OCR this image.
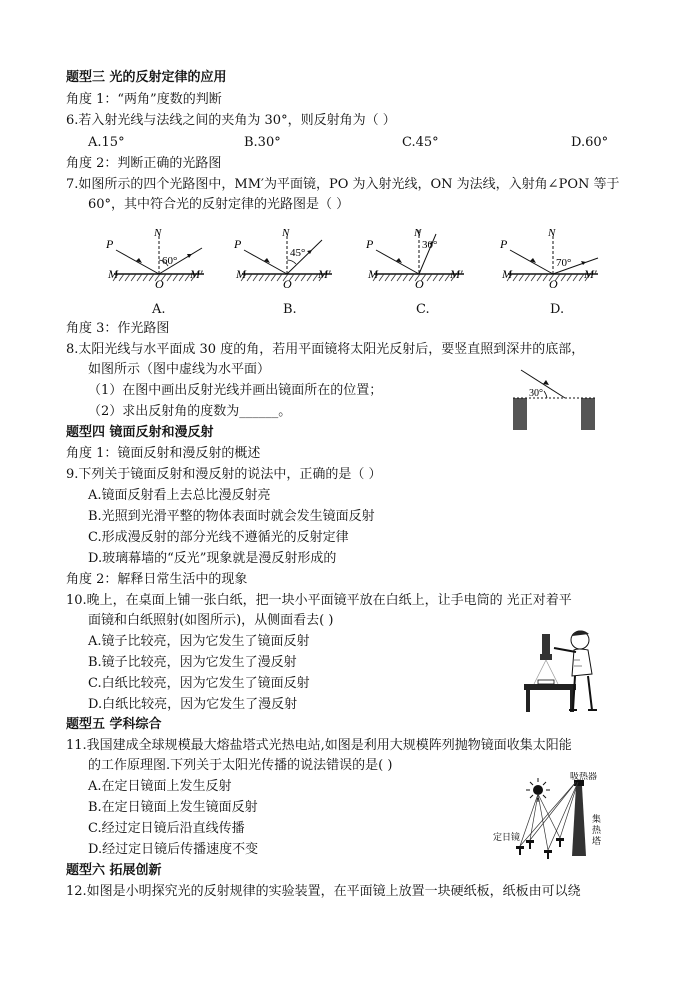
题型三 光的反射定律的应用
角度 1：“两角”度数的判断
6.若入射光线与法线之间的夹角为 30°，则反射角为（ ）
A.15°	B.30°	C.45°	D.60°
角度 2：判断正确的光路图
7.如图所示的四个光路图中，MM′为平面镜，PO 为入射光线，ON 为法线，入射角∠PON 等于
60°，其中符合光的反射定律的光路图是（ ）
P
N
60°
M	M′
O
A.
P
N
45°
M	M′
O
B.
P
N
30°
M	M′
O
C.
P
N
70°
M	M′
O
D.
角度 3：作光路图
8.太阳光线与水平面成 30 度的角，若用平面镜将太阳光反射后，要竖直照到深井的底部，
如图所示（图中虚线为水平面）
（1）在图中画出反射光线并画出镜面所在的位置；
（2）求出反射角的度数为______。
30°
题型四 镜面反射和漫反射
角度 1：镜面反射和漫反射的概述
9.下列关于镜面反射和漫反射的说法中，正确的是（ ）
A.镜面反射看上去总比漫反射亮
B.光照到光滑平整的物体表面时就会发生镜面反射
C.形成漫反射的部分光线不遵循光的反射定律
D.玻璃幕墙的“反光”现象就是漫反射形成的
角度 2：解释日常生活中的现象
10.晚上，在桌面上铺一张白纸，把一块小平面镜平放在白纸上，让手电筒的 光正对着平
面镜和白纸照射(如图所示)，从侧面看去( )
A.镜子比较亮，因为它发生了镜面反射
B.镜子比较亮，因为它发生了漫反射
C.白纸比较亮，因为它发生了镜面反射
D.白纸比较亮，因为它发生了漫反射
题型五 学科综合
11.我国建成全球规模最大熔盐塔式光热电站,如图是利用大规模阵列抛物镜面收集太阳能
的工作原理图.下列关于太阳光传播的说法错误的是( )
A.在定日镜面上发生反射
B.在定日镜面上发生镜面反射
C.经过定日镜后沿直线传播
D.经过定日镜后传播速度不变
吸热器
定日镜
集
热
塔
题型六 拓展创新
12.如图是小明探究光的反射规律的实验装置，在平面镜上放置一块硬纸板，纸板由可以绕
